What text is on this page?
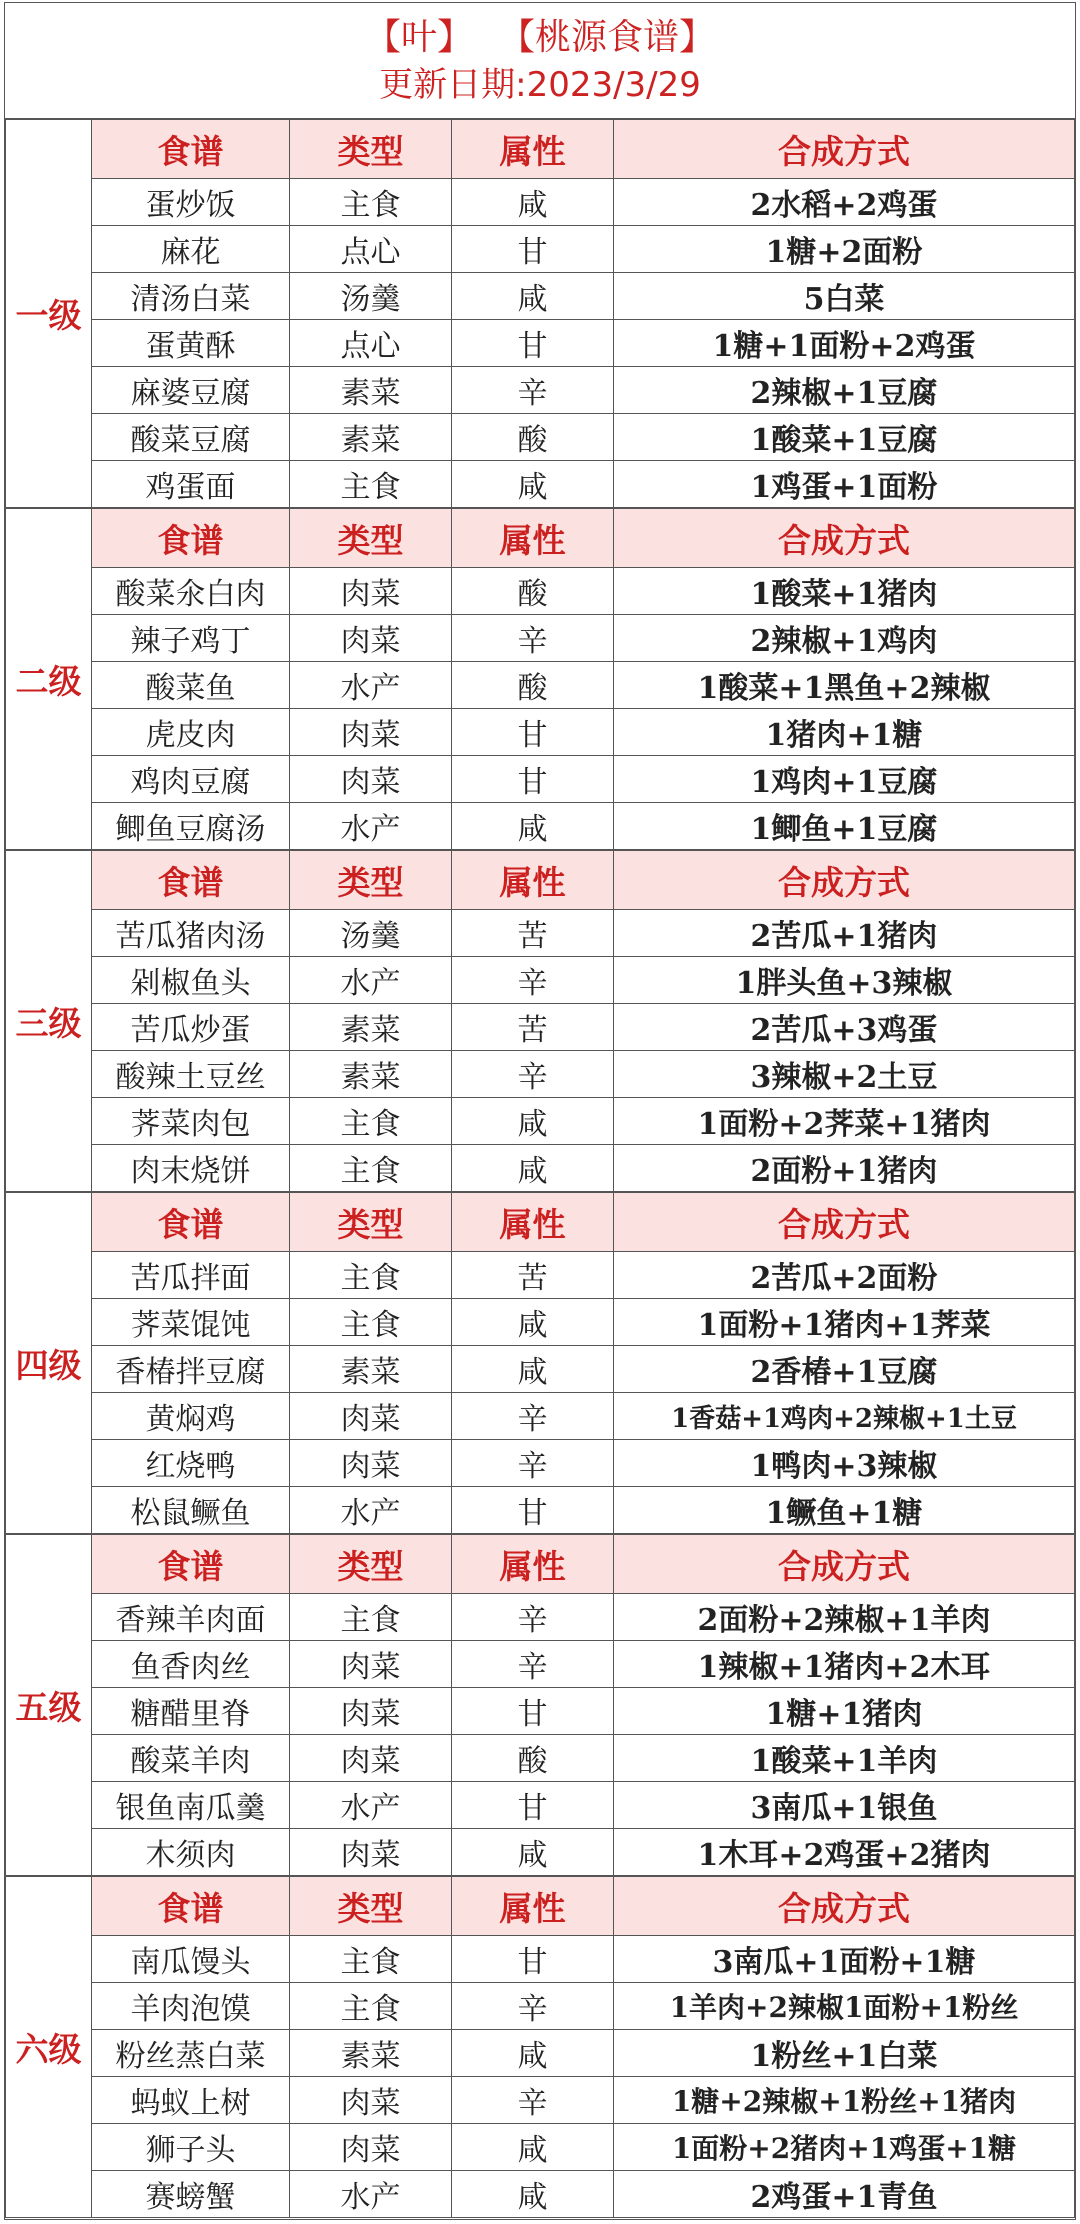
【叶】 【桃源食谱】
更新日期:2023/3/29
一级	食谱	类型	属性	合成方式
	蛋炒饭	主食	咸	2水稻+2鸡蛋
	麻花	点心	甘	1糖+2面粉
	清汤白菜	汤羹	咸	5白菜
	蛋黄酥	点心	甘	1糖+1面粉+2鸡蛋
	麻婆豆腐	素菜	辛	2辣椒+1豆腐
	酸菜豆腐	素菜	酸	1酸菜+1豆腐
	鸡蛋面	主食	咸	1鸡蛋+1面粉
二级	食谱	类型	属性	合成方式
	酸菜氽白肉	肉菜	酸	1酸菜+1猪肉
	辣子鸡丁	肉菜	辛	2辣椒+1鸡肉
	酸菜鱼	水产	酸	1酸菜+1黑鱼+2辣椒
	虎皮肉	肉菜	甘	1猪肉+1糖
	鸡肉豆腐	肉菜	甘	1鸡肉+1豆腐
	鲫鱼豆腐汤	水产	咸	1鲫鱼+1豆腐
三级	食谱	类型	属性	合成方式
	苦瓜猪肉汤	汤羹	苦	2苦瓜+1猪肉
	剁椒鱼头	水产	辛	1胖头鱼+3辣椒
	苦瓜炒蛋	素菜	苦	2苦瓜+3鸡蛋
	酸辣土豆丝	素菜	辛	3辣椒+2土豆
	荠菜肉包	主食	咸	1面粉+2荠菜+1猪肉
	肉末烧饼	主食	咸	2面粉+1猪肉
四级	食谱	类型	属性	合成方式
	苦瓜拌面	主食	苦	2苦瓜+2面粉
	荠菜馄饨	主食	咸	1面粉+1猪肉+1荠菜
	香椿拌豆腐	素菜	咸	2香椿+1豆腐
	黄焖鸡	肉菜	辛	1香菇+1鸡肉+2辣椒+1土豆
	红烧鸭	肉菜	辛	1鸭肉+3辣椒
	松鼠鳜鱼	水产	甘	1鳜鱼+1糖
五级	食谱	类型	属性	合成方式
	香辣羊肉面	主食	辛	2面粉+2辣椒+1羊肉
	鱼香肉丝	肉菜	辛	1辣椒+1猪肉+2木耳
	糖醋里脊	肉菜	甘	1糖+1猪肉
	酸菜羊肉	肉菜	酸	1酸菜+1羊肉
	银鱼南瓜羹	水产	甘	3南瓜+1银鱼
	木须肉	肉菜	咸	1木耳+2鸡蛋+2猪肉
六级	食谱	类型	属性	合成方式
	南瓜馒头	主食	甘	3南瓜+1面粉+1糖
	羊肉泡馍	主食	辛	1羊肉+2辣椒1面粉+1粉丝
	粉丝蒸白菜	素菜	咸	1粉丝+1白菜
	蚂蚁上树	肉菜	辛	1糖+2辣椒+1粉丝+1猪肉
	狮子头	肉菜	咸	1面粉+2猪肉+1鸡蛋+1糖
	赛螃蟹	水产	咸	2鸡蛋+1青鱼
